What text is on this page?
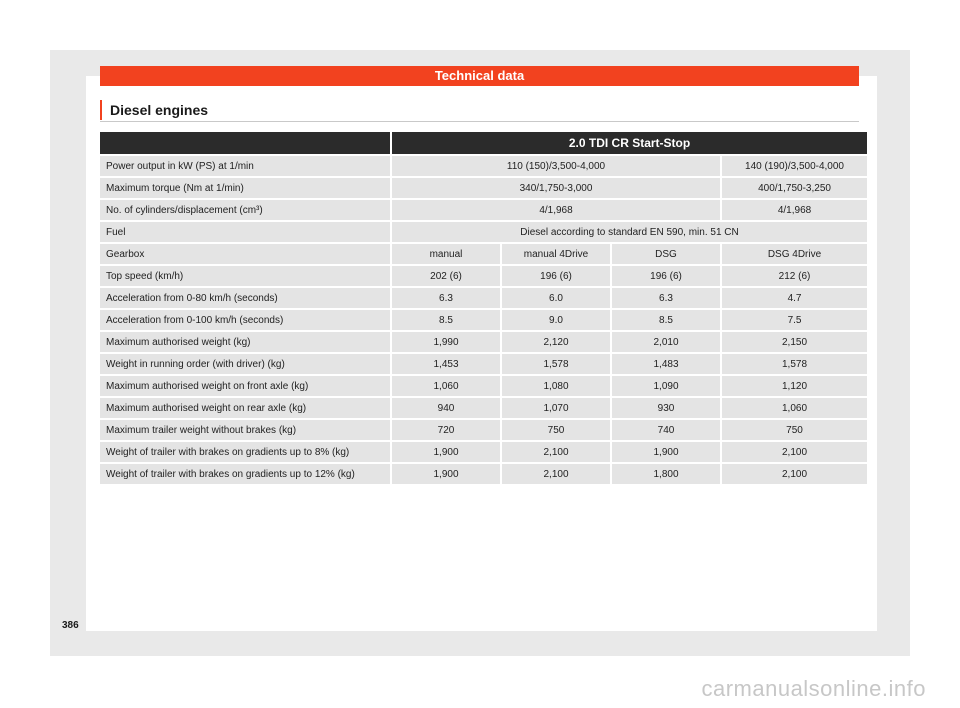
Technical data
Diesel engines
	2.0 TDI CR Start-Stop			
Power output in kW (PS) at 1/min	110 (150)/3,500-4,000			140 (190)/3,500-4,000
Maximum torque (Nm at 1/min)	340/1,750-3,000			400/1,750-3,250
No. of cylinders/displacement (cm³)	4/1,968			4/1,968
Fuel	Diesel according to standard EN 590, min. 51 CN			
Gearbox	manual	manual 4Drive	DSG	DSG 4Drive
Top speed (km/h)	202 (6)	196 (6)	196 (6)	212 (6)
Acceleration from 0-80 km/h (seconds)	6.3	6.0	6.3	4.7
Acceleration from 0-100 km/h (seconds)	8.5	9.0	8.5	7.5
Maximum authorised weight (kg)	1,990	2,120	2,010	2,150
Weight in running order (with driver) (kg)	1,453	1,578	1,483	1,578
Maximum authorised weight on front axle (kg)	1,060	1,080	1,090	1,120
Maximum authorised weight on rear axle (kg)	940	1,070	930	1,060
Maximum trailer weight without brakes (kg)	720	750	740	750
Weight of trailer with brakes on gradients up to 8% (kg)	1,900	2,100	1,900	2,100
Weight of trailer with brakes on gradients up to 12% (kg)	1,900	2,100	1,800	2,100
386
carmanualsonline.info
